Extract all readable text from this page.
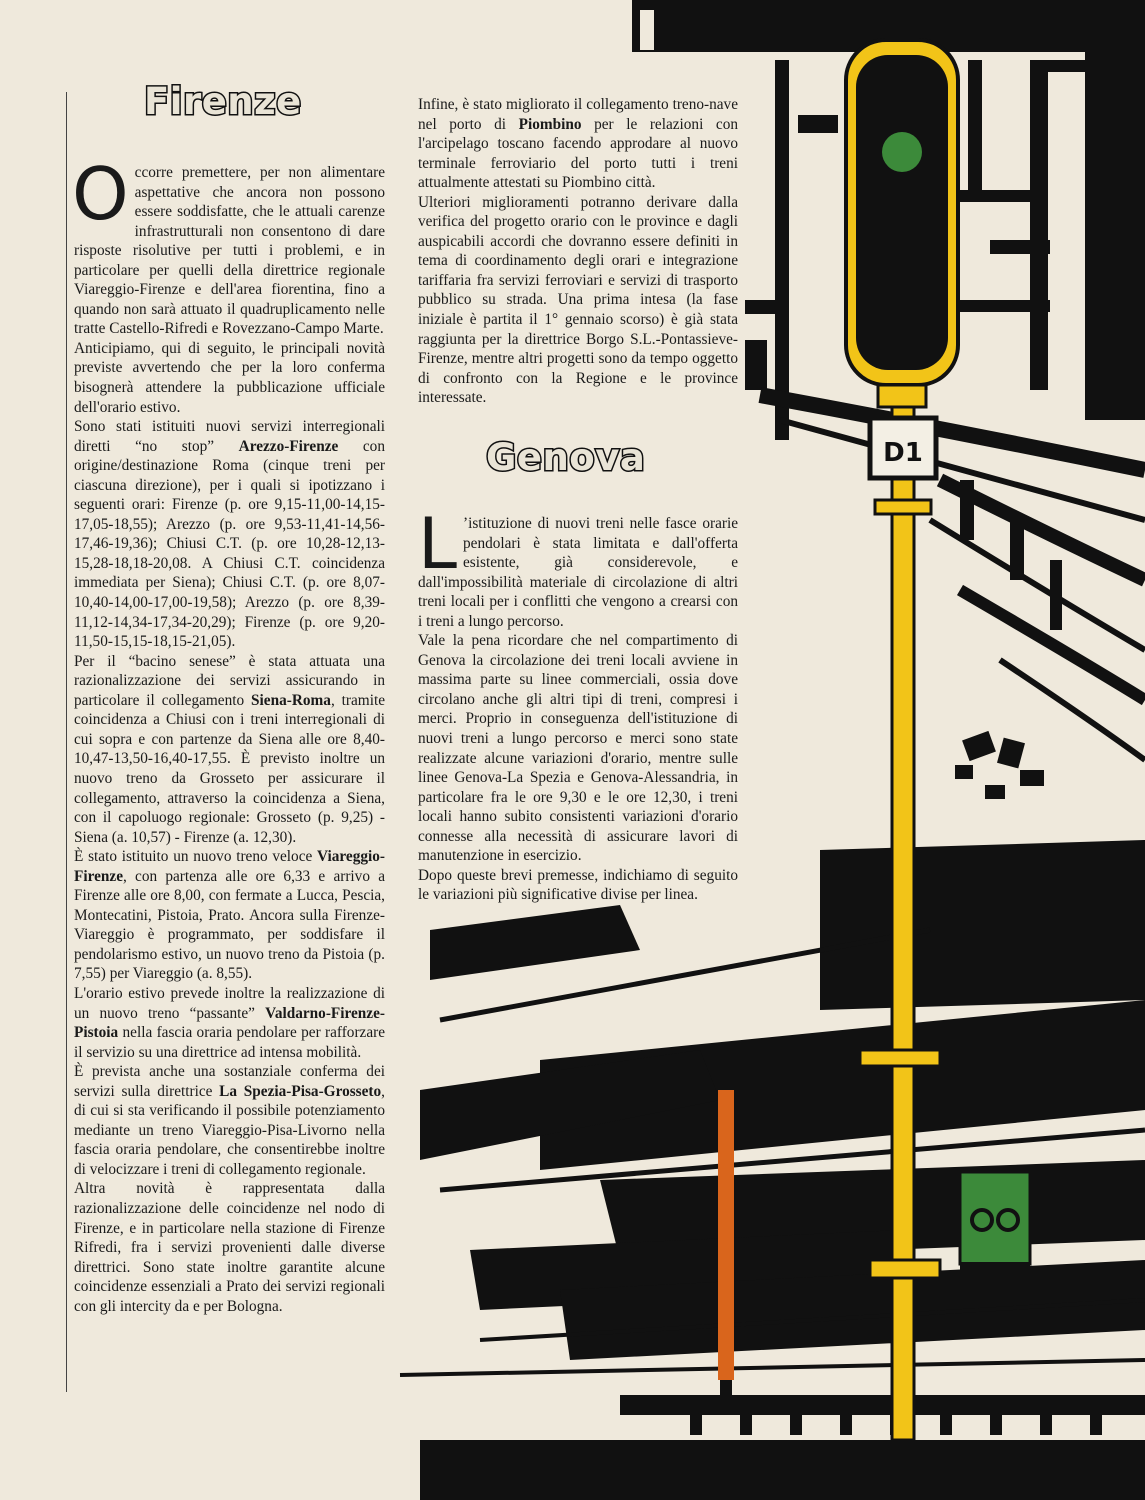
D1
Firenze

Occorre premettere, per non alimentare aspettative che ancora non possono essere soddisfatte, che le attuali carenze infrastrutturali non consentono di dare risposte risolutive per tutti i problemi, e in particolare per quelli della direttrice regionale Viareggio-Firenze e dell'area fiorentina, fino a quando non sarà attuato il quadruplicamento nelle tratte Castello-Rifredi e Rovezzano-Campo Marte.

Anticipiamo, qui di seguito, le principali novità previste avvertendo che per la loro conferma bisognerà attendere la pubblicazione ufficiale dell'orario estivo.

Sono stati istituiti nuovi servizi interregionali diretti “no stop” Arezzo-Firenze con origine/destinazione Roma (cinque treni per ciascuna direzione), per i quali si ipotizzano i seguenti orari: Firenze (p. ore 9,15-11,00-14,15-17,05-18,55); Arezzo (p. ore 9,53-11,41-14,56-17,46-19,36); Chiusi C.T. (p. ore 10,28-12,13-15,28-18,18-20,08. A Chiusi C.T. coincidenza immediata per Siena); Chiusi C.T. (p. ore 8,07-10,40-14,00-17,00-19,58); Arezzo (p. ore 8,39-11,12-14,34-17,34-20,29); Firenze (p. ore 9,20-11,50-15,15-18,15-21,05).

Per il “bacino senese” è stata attuata una razionalizzazione dei servizi assicurando in particolare il collegamento Siena-Roma, tramite coincidenza a Chiusi con i treni interregionali di cui sopra e con partenze da Siena alle ore 8,40-10,47-13,50-16,40-17,55. È previsto inoltre un nuovo treno da Grosseto per assicurare il collegamento, attraverso la coincidenza a Siena, con il capoluogo regionale: Grosseto (p. 9,25) - Siena (a. 10,57) - Firenze (a. 12,30).

È stato istituito un nuovo treno veloce Viareggio-Firenze, con partenza alle ore 6,33 e arrivo a Firenze alle ore 8,00, con fermate a Lucca, Pescia, Montecatini, Pistoia, Prato. Ancora sulla Firenze-Viareggio è programmato, per soddisfare il pendolarismo estivo, un nuovo treno da Pistoia (p. 7,55) per Viareggio (a. 8,55).

L'orario estivo prevede inoltre la realizzazione di un nuovo treno “passante” Valdarno-Firenze-Pistoia nella fascia oraria pendolare per rafforzare il servizio su una direttrice ad intensa mobilità.

È prevista anche una sostanziale conferma dei servizi sulla direttrice La Spezia-Pisa-Grosseto, di cui si sta verificando il possibile potenziamento mediante un treno Viareggio-Pisa-Livorno nella fascia oraria pendolare, che consentirebbe inoltre di velocizzare i treni di collegamento regionale.

Altra novità è rappresentata dalla razionalizzazione delle coincidenze nel nodo di Firenze, e in particolare nella stazione di Firenze Rifredi, fra i servizi provenienti dalle diverse direttrici. Sono state inoltre garantite alcune coincidenze essenziali a Prato dei servizi regionali con gli intercity da e per Bologna.

Infine, è stato migliorato il collegamento treno-nave nel porto di Piombino per le relazioni con l'arcipelago toscano facendo approdare al nuovo terminale ferroviario del porto tutti i treni attualmente attestati su Piombino città.

Ulteriori miglioramenti potranno derivare dalla verifica del progetto orario con le province e dagli auspicabili accordi che dovranno essere definiti in tema di coordinamento degli orari e integrazione tariffaria fra servizi ferroviari e servizi di trasporto pubblico su strada. Una prima intesa (la fase iniziale è partita il 1° gennaio scorso) è già stata raggiunta per la direttrice Borgo S.L.-Pontassieve-Firenze, mentre altri progetti sono da tempo oggetto di confronto con la Regione e le province interessate.

Genova

L ’istituzione di nuovi treni nelle fasce orarie pendolari è stata limitata e dall'offerta esistente, già considerevole, e dall'impossibilità materiale di circolazione di altri treni locali per i conflitti che vengono a crearsi con i treni a lungo percorso.

Vale la pena ricordare che nel compartimento di Genova la circolazione dei treni locali avviene in massima parte su linee commerciali, ossia dove circolano anche gli altri tipi di treni, compresi i merci. Proprio in conseguenza dell'istituzione di nuovi treni a lungo percorso e merci sono state realizzate alcune variazioni d'orario, mentre sulle linee Genova-La Spezia e Genova-Alessandria, in particolare fra le ore 9,30 e le ore 12,30, i treni locali hanno subito consistenti variazioni d'orario connesse alla necessità di assicurare lavori di manutenzione in esercizio.

Dopo queste brevi premesse, indichiamo di seguito le variazioni più significative divise per linea.
